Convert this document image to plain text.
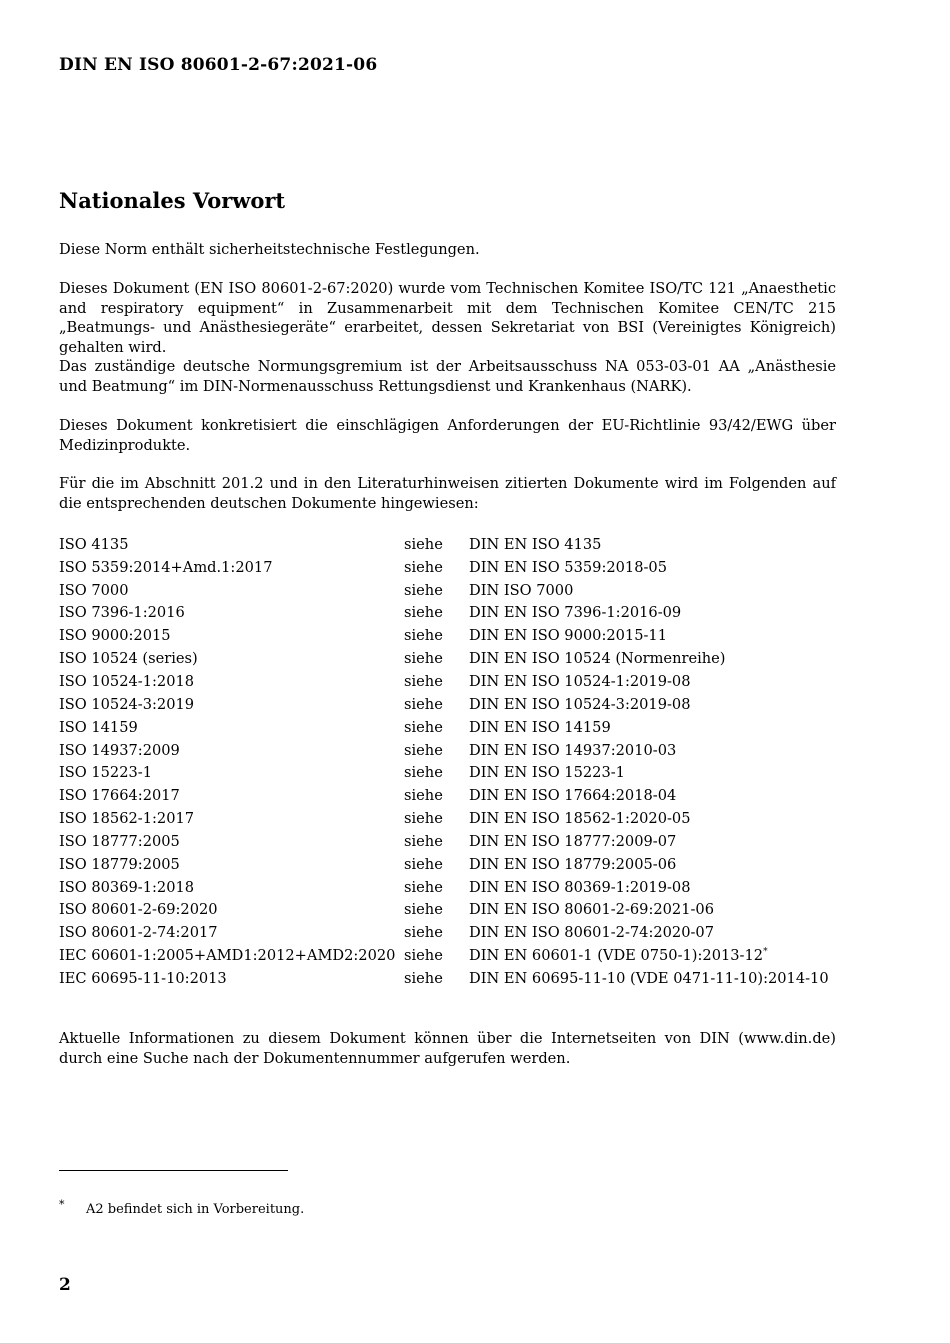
DIN EN ISO 80601-2-67:2021-06
Nationales Vorwort

Diese Norm enthält sicherheitstechnische Festlegungen.

Dieses Dokument (EN ISO 80601-2-67:2020) wurde vom Technischen Komitee ISO/TC 121 „Anaesthetic and respiratory equipment“ in Zusammenarbeit mit dem Technischen Komitee CEN/TC 215 „Beatmungs- und Anästhesiegeräte“ erarbeitet, dessen Sekretariat von BSI (Vereinigtes Königreich) gehalten wird.

Das zuständige deutsche Normungsgremium ist der Arbeitsausschuss NA 053-03-01 AA „Anästhesie und Beatmung“ im DIN-Normenausschuss Rettungsdienst und Krankenhaus (NARK).

Dieses Dokument konkretisiert die einschlägigen Anforderungen der EU-Richtlinie 93/42/EWG über Medizinprodukte.

Für die im Abschnitt 201.2 und in den Literaturhinweisen zitierten Dokumente wird im Folgenden auf die entsprechenden deutschen Dokumente hingewiesen:

ISO 4135	siehe	DIN EN ISO 4135
ISO 5359:2014+Amd.1:2017	siehe	DIN EN ISO 5359:2018-05
ISO 7000	siehe	DIN ISO 7000
ISO 7396-1:2016	siehe	DIN EN ISO 7396-1:2016-09
ISO 9000:2015	siehe	DIN EN ISO 9000:2015-11
ISO 10524 (series)	siehe	DIN EN ISO 10524 (Normenreihe)
ISO 10524-1:2018	siehe	DIN EN ISO 10524-1:2019-08
ISO 10524-3:2019	siehe	DIN EN ISO 10524-3:2019-08
ISO 14159	siehe	DIN EN ISO 14159
ISO 14937:2009	siehe	DIN EN ISO 14937:2010-03
ISO 15223-1	siehe	DIN EN ISO 15223-1
ISO 17664:2017	siehe	DIN EN ISO 17664:2018-04
ISO 18562-1:2017	siehe	DIN EN ISO 18562-1:2020-05
ISO 18777:2005	siehe	DIN EN ISO 18777:2009-07
ISO 18779:2005	siehe	DIN EN ISO 18779:2005-06
ISO 80369-1:2018	siehe	DIN EN ISO 80369-1:2019-08
ISO 80601-2-69:2020	siehe	DIN EN ISO 80601-2-69:2021-06
ISO 80601-2-74:2017	siehe	DIN EN ISO 80601-2-74:2020-07
IEC 60601-1:2005+AMD1:2012+AMD2:2020	siehe	DIN EN 60601-1 (VDE 0750-1):2013-12*
IEC 60695-11-10:2013	siehe	DIN EN 60695-11-10 (VDE 0471-11-10):2014-10

Aktuelle Informationen zu diesem Dokument können über die Internetseiten von DIN (www.din.de) durch eine Suche nach der Dokumentennummer aufgerufen werden.

* A2 befindet sich in Vorbereitung.
2
